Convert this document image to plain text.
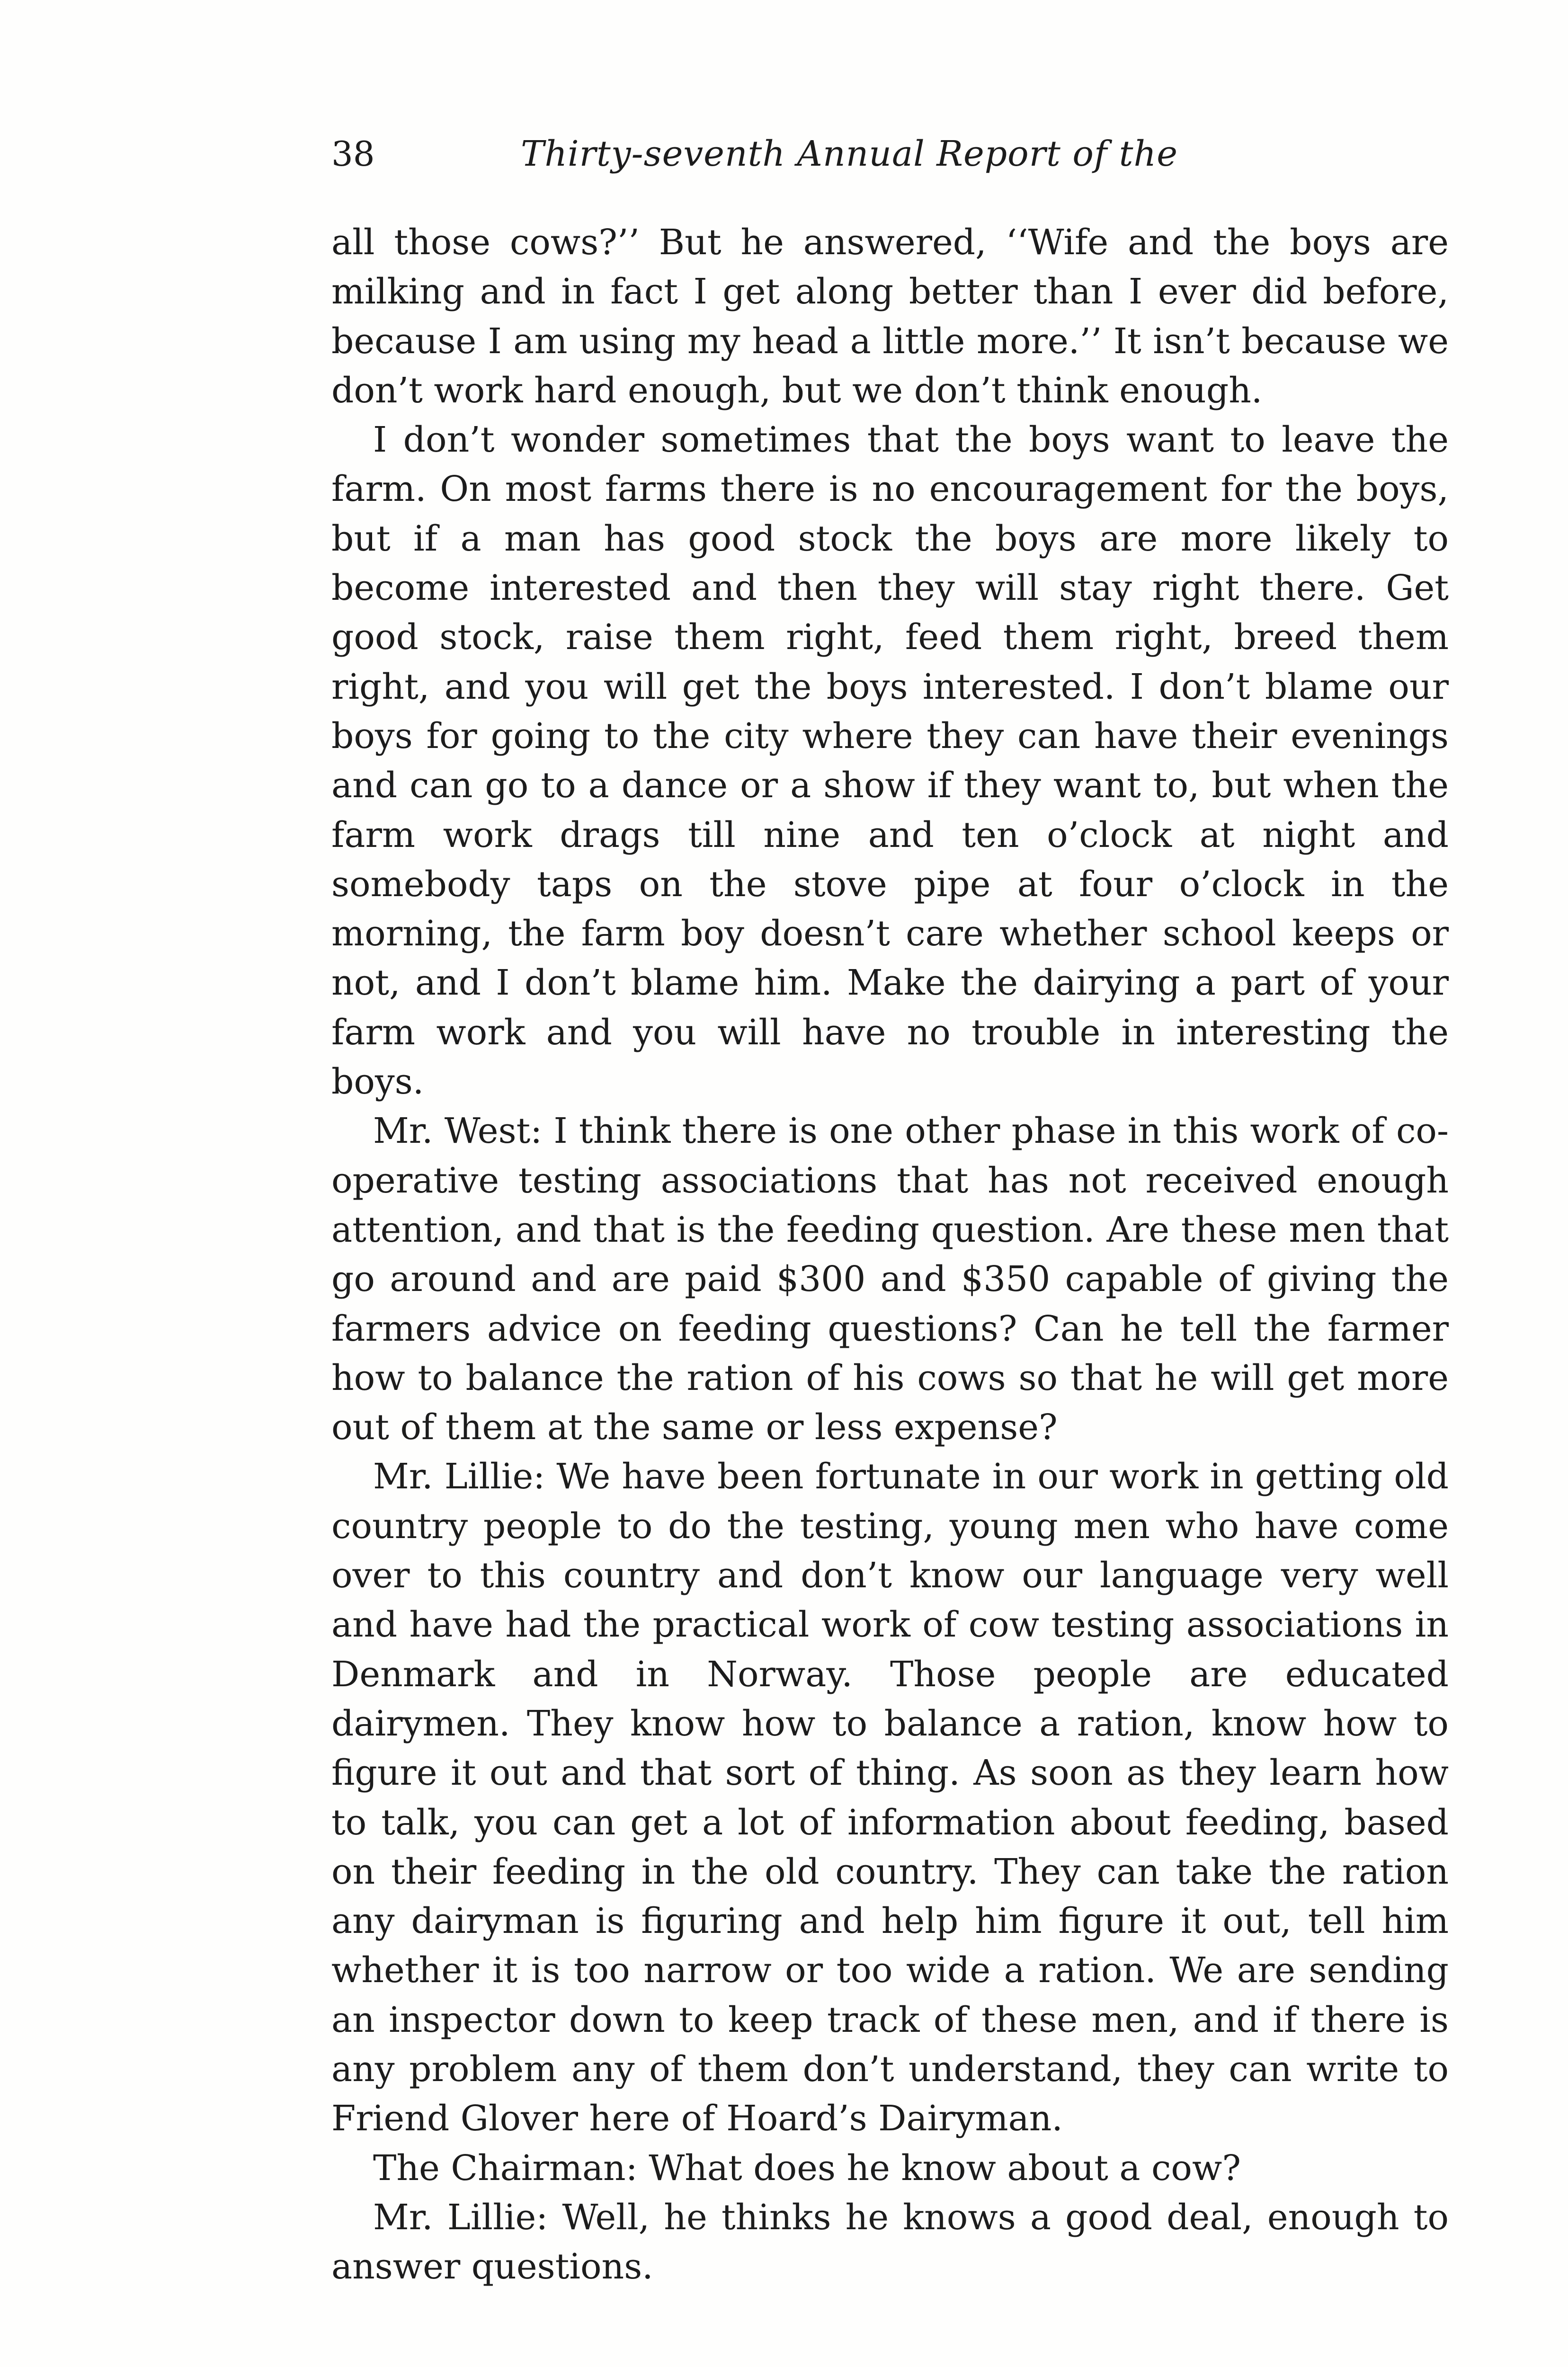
38	Thirty-seventh Annual Report of the

all those cows?’’ But he answered, ‘‘Wife and the boys are milking and in fact I get along better than I ever did before, because I am using my head a little more.’’ It isn’t because we don’t work hard enough, but we don’t think enough.

I don’t wonder sometimes that the boys want to leave the farm. On most farms there is no encouragement for the boys, but if a man has good stock the boys are more likely to become interested and then they will stay right there. Get good stock, raise them right, feed them right, breed them right, and you will get the boys interested. I don’t blame our boys for going to the city where they can have their evenings and can go to a dance or a show if they want to, but when the farm work drags till nine and ten o’clock at night and somebody taps on the stove pipe at four o’clock in the morning, the farm boy doesn’t care whether school keeps or not, and I don’t blame him. Make the dairying a part of your farm work and you will have no trouble in interesting the boys.

Mr. West: I think there is one other phase in this work of co-operative testing associations that has not received enough attention, and that is the feeding question. Are these men that go around and are paid $300 and $350 capable of giving the farmers advice on feeding questions? Can he tell the farmer how to balance the ration of his cows so that he will get more out of them at the same or less expense?

Mr. Lillie: We have been fortunate in our work in getting old country people to do the testing, young men who have come over to this country and don’t know our language very well and have had the practical work of cow testing associations in Denmark and in Norway. Those people are educated dairymen. They know how to balance a ration, know how to figure it out and that sort of thing. As soon as they learn how to talk, you can get a lot of information about feeding, based on their feeding in the old country. They can take the ration any dairyman is figuring and help him figure it out, tell him whether it is too narrow or too wide a ration. We are sending an inspector down to keep track of these men, and if there is any problem any of them don’t understand, they can write to Friend Glover here of Hoard’s Dairyman.

The Chairman: What does he know about a cow?

Mr. Lillie: Well, he thinks he knows a good deal, enough to answer questions.
